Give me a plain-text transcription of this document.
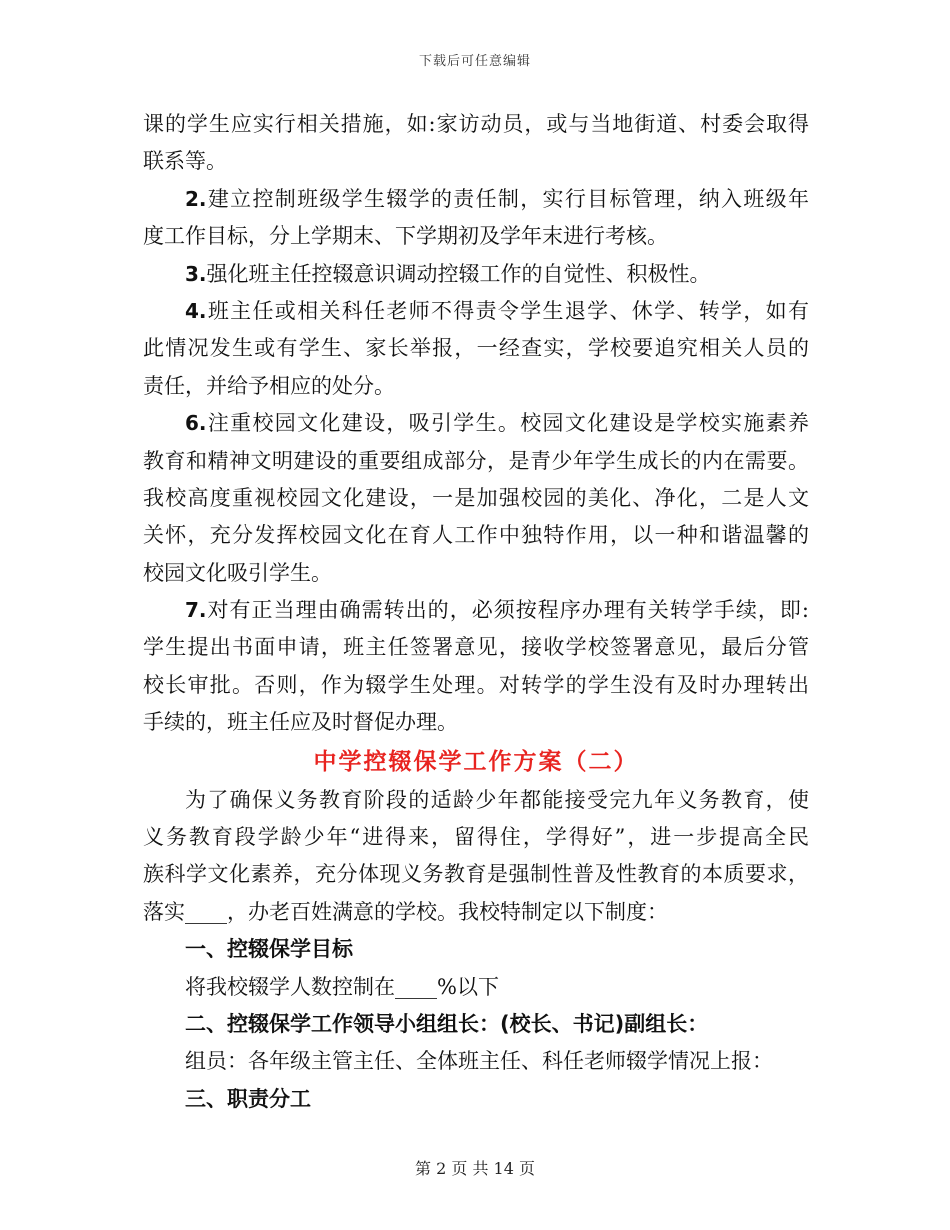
下载后可任意编辑
课的学生应实行相关措施，如:家访动员，或与当地街道、村委会取得
联系等。
2.建立控制班级学生辍学的责任制，实行目标管理，纳入班级年
度工作目标，分上学期末、下学期初及学年末进行考核。
3.强化班主任控辍意识调动控辍工作的自觉性、积极性。
4.班主任或相关科任老师不得责令学生退学、休学、转学，如有
此情况发生或有学生、家长举报，一经查实，学校要追究相关人员的
责任，并给予相应的处分。
6.注重校园文化建设，吸引学生。校园文化建设是学校实施素养
教育和精神文明建设的重要组成部分，是青少年学生成长的内在需要。
我校高度重视校园文化建设，一是加强校园的美化、净化，二是人文
关怀，充分发挥校园文化在育人工作中独特作用，以一种和谐温馨的
校园文化吸引学生。
7.对有正当理由确需转出的，必须按程序办理有关转学手续，即:
学生提出书面申请，班主任签署意见，接收学校签署意见，最后分管
校长审批。否则，作为辍学生处理。对转学的学生没有及时办理转出
手续的，班主任应及时督促办理。
中学控辍保学工作方案（二）
为了确保义务教育阶段的适龄少年都能接受完九年义务教育，使
义务教育段学龄少年“进得来，留得住，学得好”，进一步提高全民
族科学文化素养，充分体现义务教育是强制性普及性教育的本质要求，
落实____，办老百姓满意的学校。我校特制定以下制度：
一、控辍保学目标
将我校辍学人数控制在____%以下
二、控辍保学工作领导小组组长：(校长、书记)副组长：
组员：各年级主管主任、全体班主任、科任老师辍学情况上报：
三、职责分工
第 2 页 共 14 页
